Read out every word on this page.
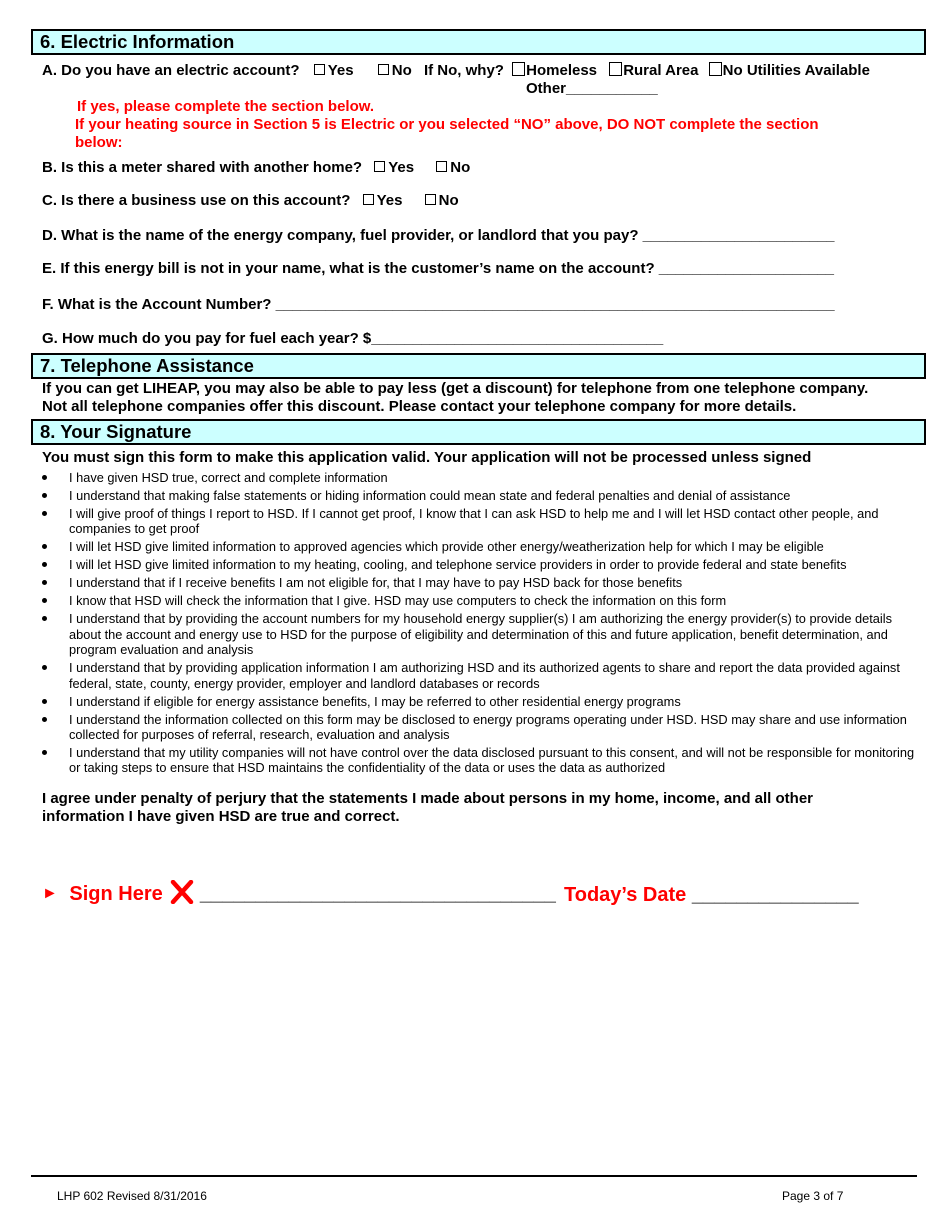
6. Electric Information
A. Do you have an electric account? Yes	No If No, why? Homeless Rural Area No Utilities Available
Other___________
If yes, please complete the section below.
If your heating source in Section 5 is Electric or you selected “NO” above, DO NOT complete the section
below:
B. Is this a meter shared with another home? Yes No
C. Is there a business use on this account? Yes No
D. What is the name of the energy company, fuel provider, or landlord that you pay? _______________________
E. If this energy bill is not in your name, what is the customer’s name on the account? _____________________
F. What is the Account Number? ___________________________________________________________________
G. How much do you pay for fuel each year? $___________________________________
7. Telephone Assistance
If you can get LIHEAP, you may also be able to pay less (get a discount) for telephone from one telephone company.
Not all telephone companies offer this discount. Please contact your telephone company for more details.
8. Your Signature
You must sign this form to make this application valid. Your application will not be processed unless signed
I have given HSD true, correct and complete information
I understand that making false statements or hiding information could mean state and federal penalties and denial of assistance
I will give proof of things I report to HSD. If I cannot get proof, I know that I can ask HSD to help me and I will let HSD contact other people, and companies to get proof
I will let HSD give limited information to approved agencies which provide other energy/weatherization help for which I may be eligible
I will let HSD give limited information to my heating, cooling, and telephone service providers in order to provide federal and state benefits
I understand that if I receive benefits I am not eligible for, that I may have to pay HSD back for those benefits
I know that HSD will check the information that I give. HSD may use computers to check the information on this form
I understand that by providing the account numbers for my household energy supplier(s) I am authorizing the energy provider(s) to provide details about the account and energy use to HSD for the purpose of eligibility and determination of this and future application, benefit determination, and program evaluation and analysis
I understand that by providing application information I am authorizing HSD and its authorized agents to share and report the data provided against federal, state, county, energy provider, employer and landlord databases or records
I understand if eligible for energy assistance benefits, I may be referred to other residential energy programs
I understand the information collected on this form may be disclosed to energy programs operating under HSD. HSD may share and use information collected for purposes of referral, research, evaluation and analysis
I understand that my utility companies will not have control over the data disclosed pursuant to this consent, and will not be responsible for monitoring or taking steps to ensure that HSD maintains the confidentiality of the data or uses the data as authorized
I agree under penalty of perjury that the statements I made about persons in my home, income, and all other
information I have given HSD are true and correct.
► Sign Here ________________________________ Today’s Date _______________
LHP 602 Revised 8/31/2016	Page 3 of 7
